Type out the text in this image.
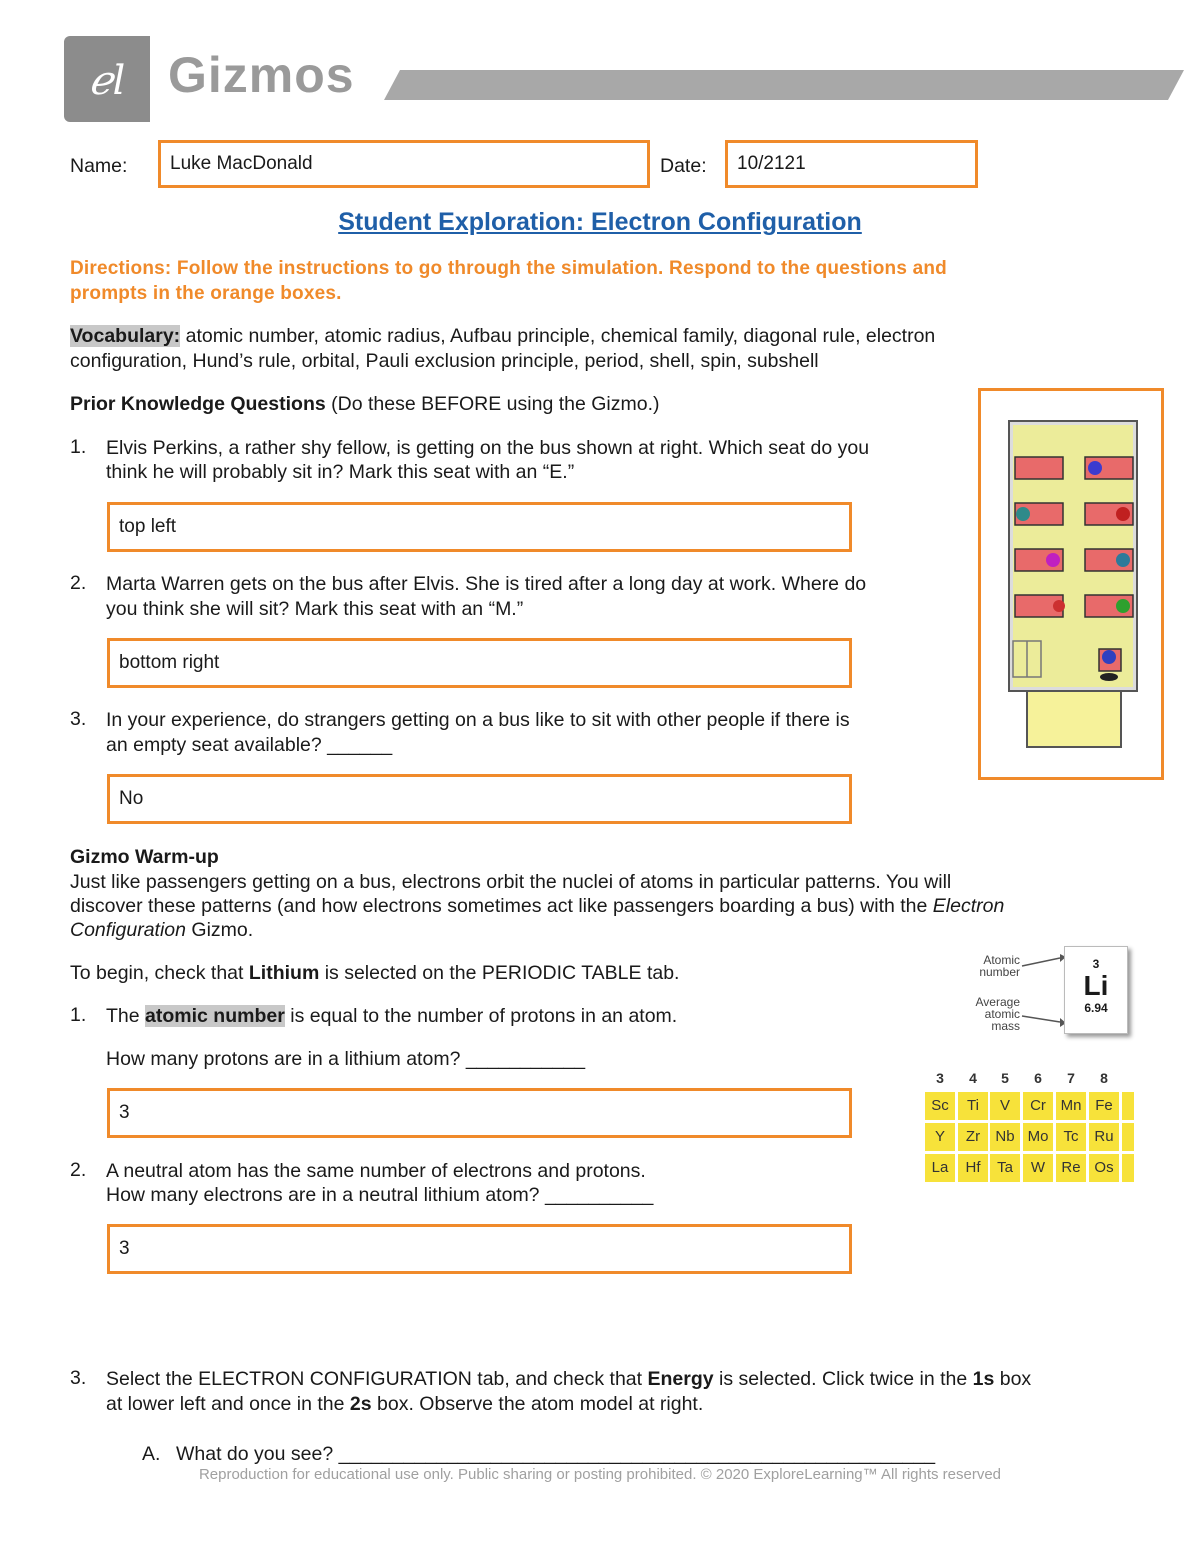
ℯl Gizmos
Name: Luke MacDonald	Date: 10/2121
Student Exploration: Electron Configuration
Directions: Follow the instructions to go through the simulation. Respond to the questions and
prompts in the orange boxes.
Vocabulary: atomic number, atomic radius, Aufbau principle, chemical family, diagonal rule, electron
configuration, Hund’s rule, orbital, Pauli exclusion principle, period, shell, spin, subshell
Prior Knowledge Questions (Do these BEFORE using the Gizmo.)
1. Elvis Perkins, a rather shy fellow, is getting on the bus shown at right. Which seat do you
think he will probably sit in? Mark this seat with an “E.”
top left
2. Marta Warren gets on the bus after Elvis. She is tired after a long day at work. Where do
you think she will sit? Mark this seat with an “M.”
bottom right
3. In your experience, do strangers getting on a bus like to sit with other people if there is
an empty seat available? ______
No
Gizmo Warm-up
Just like passengers getting on a bus, electrons orbit the nuclei of atoms in particular patterns. You will
discover these patterns (and how electrons sometimes act like passengers boarding a bus) with the Electron
Configuration Gizmo.
To begin, check that Lithium is selected on the PERIODIC TABLE tab.
1. The atomic number is equal to the number of protons in an atom.
How many protons are in a lithium atom? ___________
3
2. A neutral atom has the same number of electrons and protons.
How many electrons are in a neutral lithium atom? __________
3
3. Select the ELECTRON CONFIGURATION tab, and check that Energy is selected. Click twice in the 1s box
at lower left and once in the 2s box. Observe the atom model at right.
A. What do you see? _______________________________________________________
Atomic
number
Average
atomic
mass
3
Li
6.94
3	4	5	6	7	8
Sc	Ti	V	Cr Mn Fe
Y	Zr	Nb Mo	Tc	Ru
La	Hf	Ta	W	Re Os
Reproduction for educational use only. Public sharing or posting prohibited. © 2020 ExploreLearning™ All rights reserved
